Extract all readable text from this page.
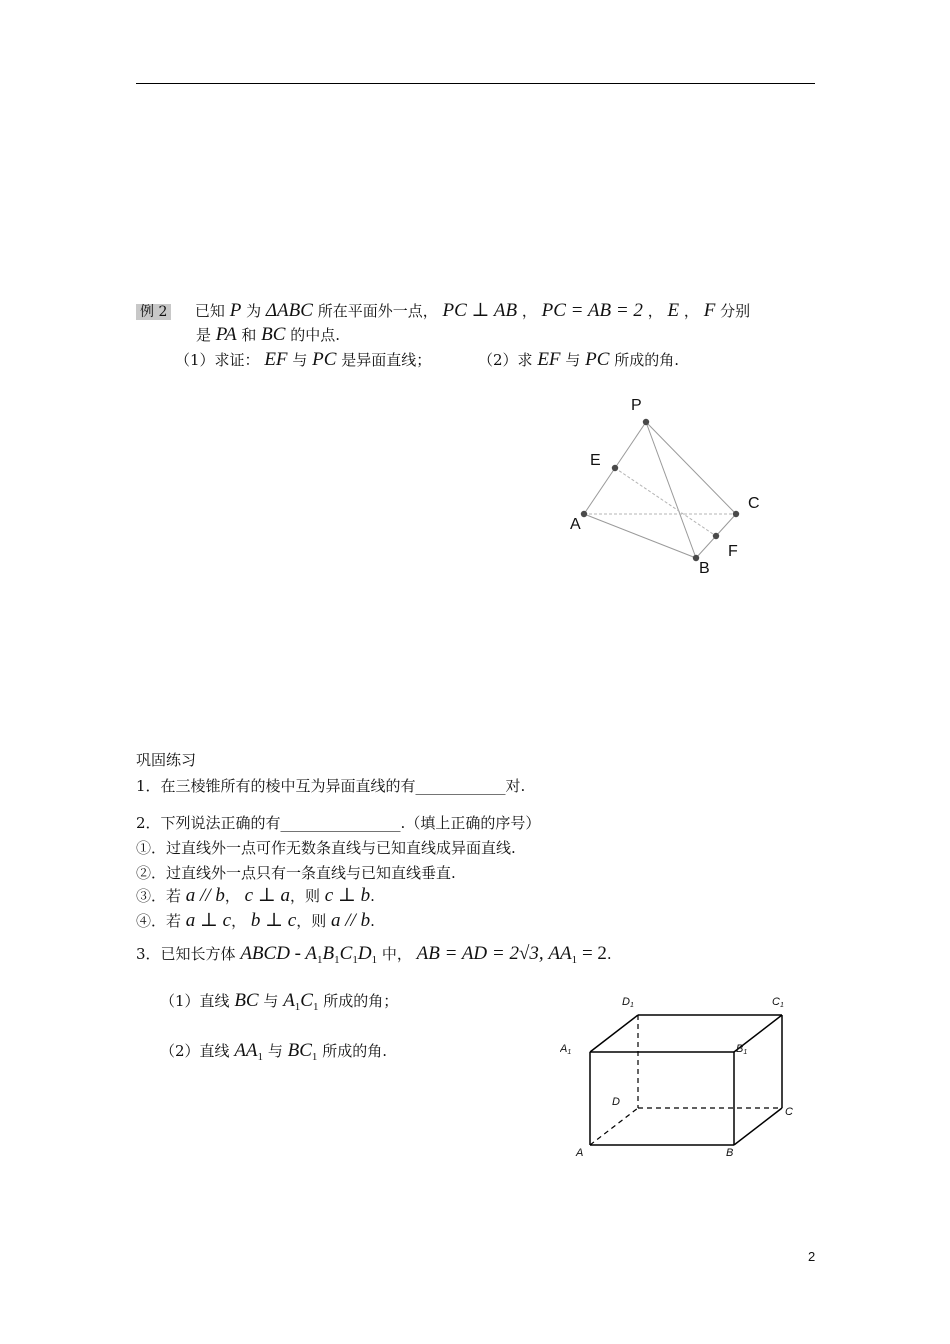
例 2 已知 P 为 ΔABC 所在平面外一点， PC ⊥ AB ， PC = AB = 2 ， E ， F 分别
是 PA 和 BC 的中点.
（1）求证： EF 与 PC 是异面直线；	（2）求 EF 与 PC 所成的角.
P
E
A
C
F
B
巩固练习
1．在三棱锥所有的棱中互为异面直线的有____________对.
2．下列说法正确的有________________.（填上正确的序号）
①．过直线外一点可作无数条直线与已知直线成异面直线.
②．过直线外一点只有一条直线与已知直线垂直.
③．若 a // b， c ⊥ a，则 c ⊥ b.
④．若 a ⊥ c， b ⊥ c，则 a // b.
3．已知长方体 ABCD - $A_1B_1C_1D_1$ 中， AB = AD = 2√3, $AA_1 = 2$.
（1）直线 BC 与 $A_1C_1$ 所成的角；
（2）直线 $AA_1$ 与 $BC_1$ 所成的角.
D1	C1
A1	B1
D
C
A	B
2
